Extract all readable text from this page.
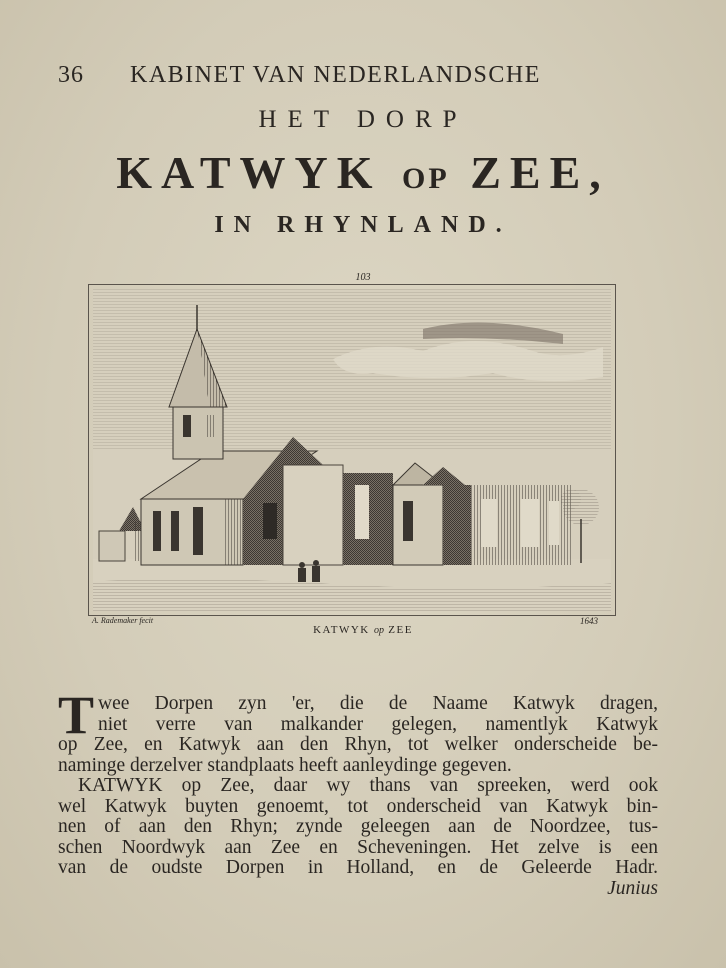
36 KABINET VAN NEDERLANDSCHE
HET DORP
KATWYK OP ZEE,
IN RHYNLAND.
103
A. Rademaker fecit
KATWYK op ZEE
1643
T wee Dorpen zyn 'er, die de Naame Katwyk dragen,
niet verre van malkander gelegen, namentlyk Katwyk
op Zee, en Katwyk aan den Rhyn, tot welker onderscheide be-
naminge derzelver standplaats heeft aanleydinge gegeven.
KATWYK op Zee, daar wy thans van spreeken, werd ook
wel Katwyk buyten genoemt, tot onderscheid van Katwyk bin-
nen of aan den Rhyn; zynde geleegen aan de Noordzee, tus-
schen Noordwyk aan Zee en Scheveningen. Het zelve is een
van de oudste Dorpen in Holland, en de Geleerde Hadr.
Junius
